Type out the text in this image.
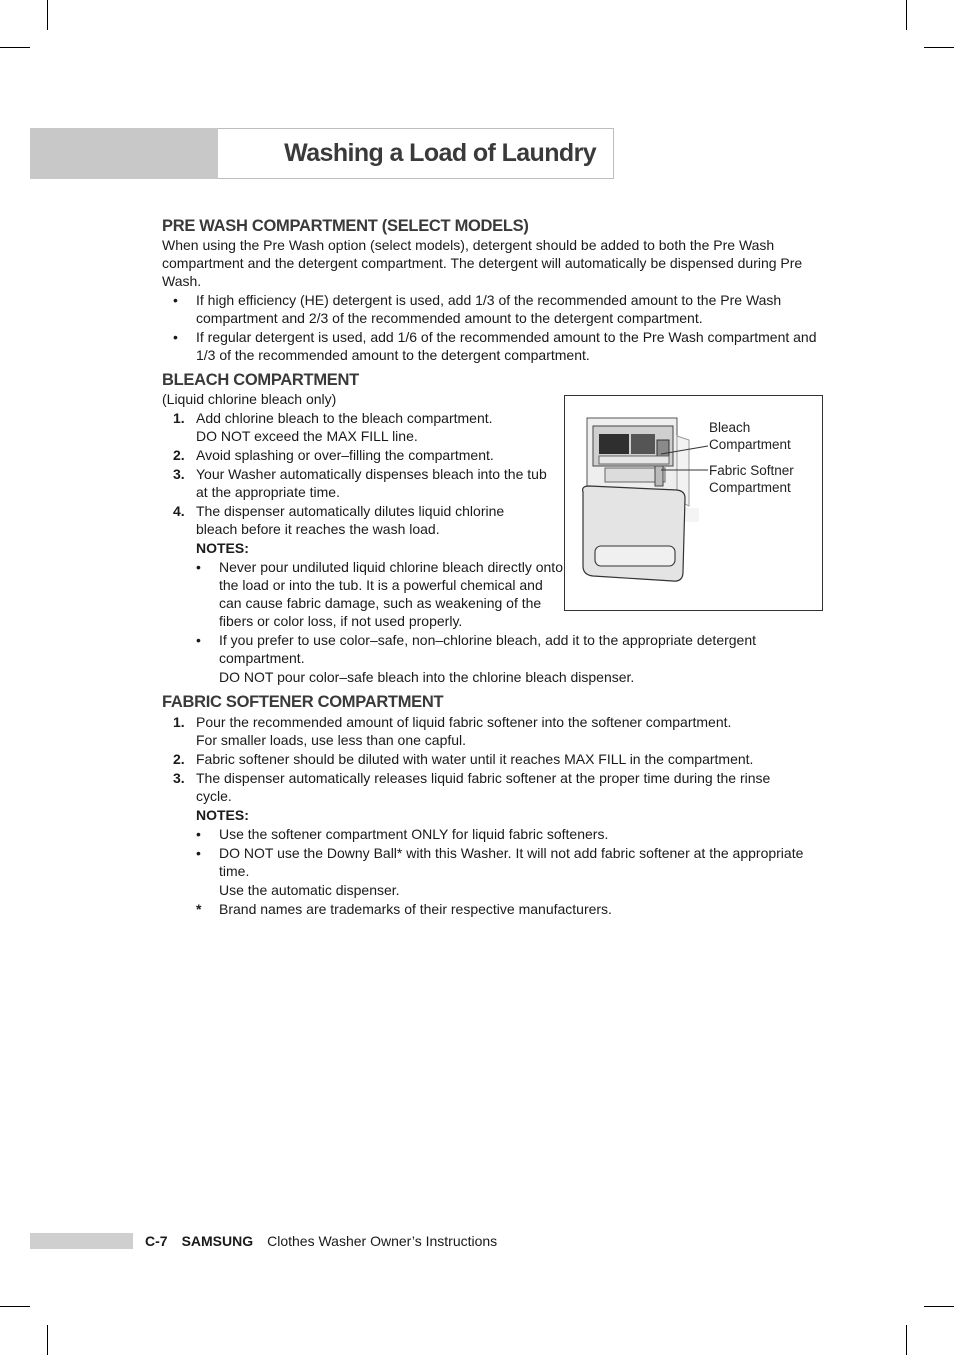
Washing a Load of Laundry
PRE WASH COMPARTMENT (SELECT MODELS)

When using the Pre Wash option (select models), detergent should be added to both the Pre Wash compartment and the detergent compartment. The detergent will automatically be dispensed during Pre Wash.

• If high efficiency (HE) detergent is used, add 1/3 of the recommended amount to the Pre Wash compartment and 2/3 of the recommended amount to the detergent compartment.
• If regular detergent is used, add 1/6 of the recommended amount to the Pre Wash compartment and 1/3 of the recommended amount to the detergent compartment.
BLEACH COMPARTMENT

(Liquid chlorine bleach only)

1. Add chlorine bleach to the bleach compartment.
DO NOT exceed the MAX FILL line.
2. Avoid splashing or over–filling the compartment.
3. Your Washer automatically dispenses bleach into the tub at the appropriate time.
4. The dispenser automatically dilutes liquid chlorine bleach before it reaches the wash load.
NOTES:
• Never pour undiluted liquid chlorine bleach directly onto the load or into the tub. It is a powerful chemical and can cause fabric damage, such as weakening of the fibers or color loss, if not used properly.
• If you prefer to use color–safe, non–chlorine bleach, add it to the appropriate detergent compartment.
DO NOT pour color–safe bleach into the chlorine bleach dispenser.
FABRIC SOFTENER COMPARTMENT
1. Pour the recommended amount of liquid fabric softener into the softener compartment.
For smaller loads, use less than one capful.
2. Fabric softener should be diluted with water until it reaches MAX FILL in the compartment.
3. The dispenser automatically releases liquid fabric softener at the proper time during the rinse cycle.
NOTES:
• Use the softener compartment ONLY for liquid fabric softeners.
• DO NOT use the Downy Ball* with this Washer. It will not add fabric softener at the appropriate time.
Use the automatic dispenser.
* Brand names are trademarks of their respective manufacturers.
Bleach
Compartment
Fabric Softner
Compartment
C-7 SAMSUNG Clothes Washer Owner’s Instructions
